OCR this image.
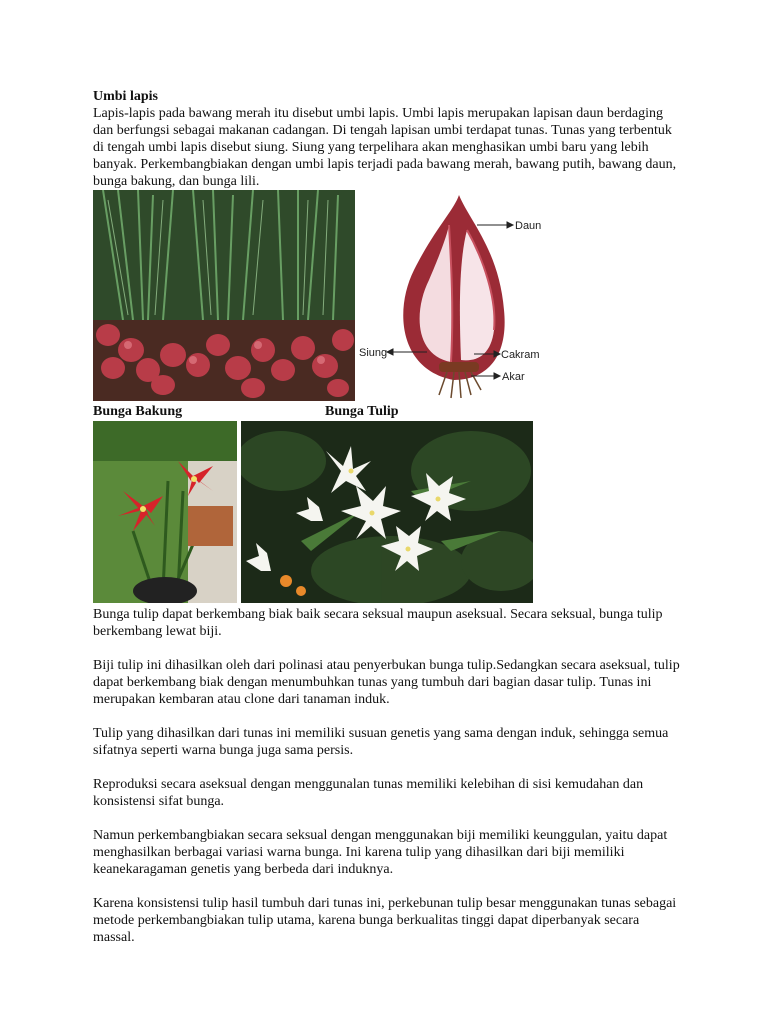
Umbi lapis

Lapis-lapis pada bawang merah itu disebut umbi lapis. Umbi lapis merupakan lapisan daun berdaging dan berfungsi sebagai makanan cadangan. Di tengah lapisan umbi terdapat tunas. Tunas yang terbentuk di tengah umbi lapis disebut siung. Siung yang terpelihara akan menghasikan umbi baru yang lebih banyak. Perkembangbiakan dengan umbi lapis terjadi pada bawang merah, bawang putih, bawang daun, bunga bakung, dan bunga lili.

Daun
Siung	Cakram
Akar
Bunga Bakung	Bunga Tulip

Bunga tulip dapat berkembang biak baik secara seksual maupun aseksual. Secara seksual, bunga tulip berkembang lewat biji.

Biji tulip ini dihasilkan oleh dari polinasi atau penyerbukan bunga tulip.Sedangkan secara aseksual, tulip dapat berkembang biak dengan menumbuhkan tunas yang tumbuh dari bagian dasar tulip. Tunas ini merupakan kembaran atau clone dari tanaman induk.

Tulip yang dihasilkan dari tunas ini memiliki susuan genetis yang sama dengan induk, sehingga semua sifatnya seperti warna bunga juga sama persis.

Reproduksi secara aseksual dengan menggunalan tunas memiliki kelebihan di sisi kemudahan dan konsistensi sifat bunga.

Namun perkembangbiakan secara seksual dengan menggunakan biji memiliki keunggulan, yaitu dapat menghasilkan berbagai variasi warna bunga. Ini karena tulip yang dihasilkan dari biji memiliki keanekaragaman genetis yang berbeda dari induknya.

Karena konsistensi tulip hasil tumbuh dari tunas ini, perkebunan tulip besar menggunakan tunas sebagai metode perkembangbiakan tulip utama, karena bunga berkualitas tinggi dapat diperbanyak secara massal.
